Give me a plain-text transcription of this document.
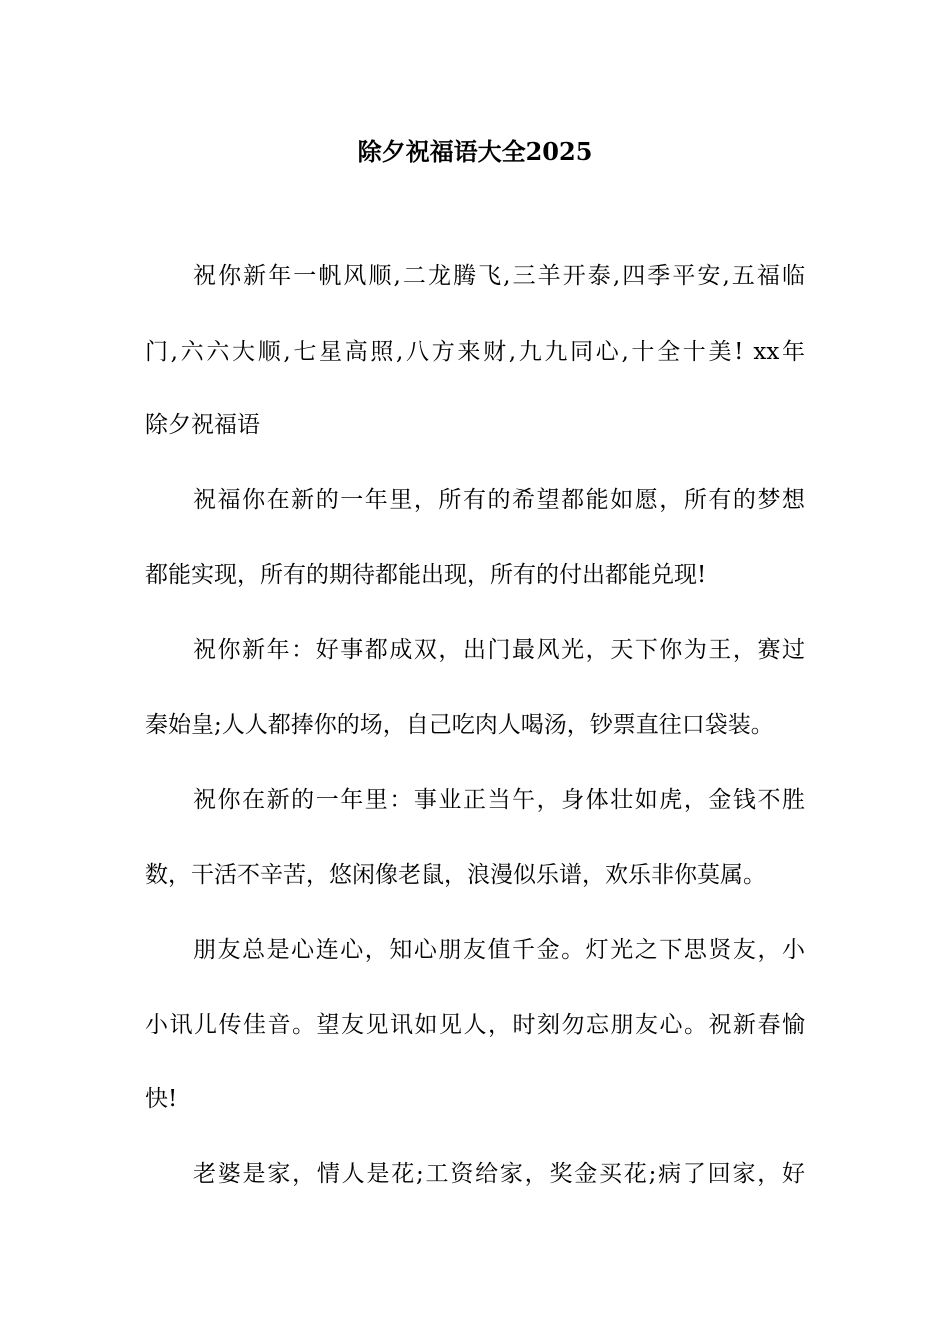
除夕祝福语大全2025
祝你新年一帆风顺,二龙腾飞,三羊开泰,四季平安,五福临
门,六六大顺,七星高照,八方来财,九九同心,十全十美! xx年
除夕祝福语
祝福你在新的一年里，所有的希望都能如愿，所有的梦想
都能实现，所有的期待都能出现，所有的付出都能兑现!
祝你新年：好事都成双，出门最风光，天下你为王，赛过
秦始皇;人人都捧你的场，自己吃肉人喝汤，钞票直往口袋装。
祝你在新的一年里：事业正当午，身体壮如虎，金钱不胜
数，干活不辛苦，悠闲像老鼠，浪漫似乐谱，欢乐非你莫属。
朋友总是心连心，知心朋友值千金。灯光之下思贤友，小
小讯儿传佳音。望友见讯如见人，时刻勿忘朋友心。祝新春愉
快!
老婆是家，情人是花;工资给家，奖金买花;病了回家，好
